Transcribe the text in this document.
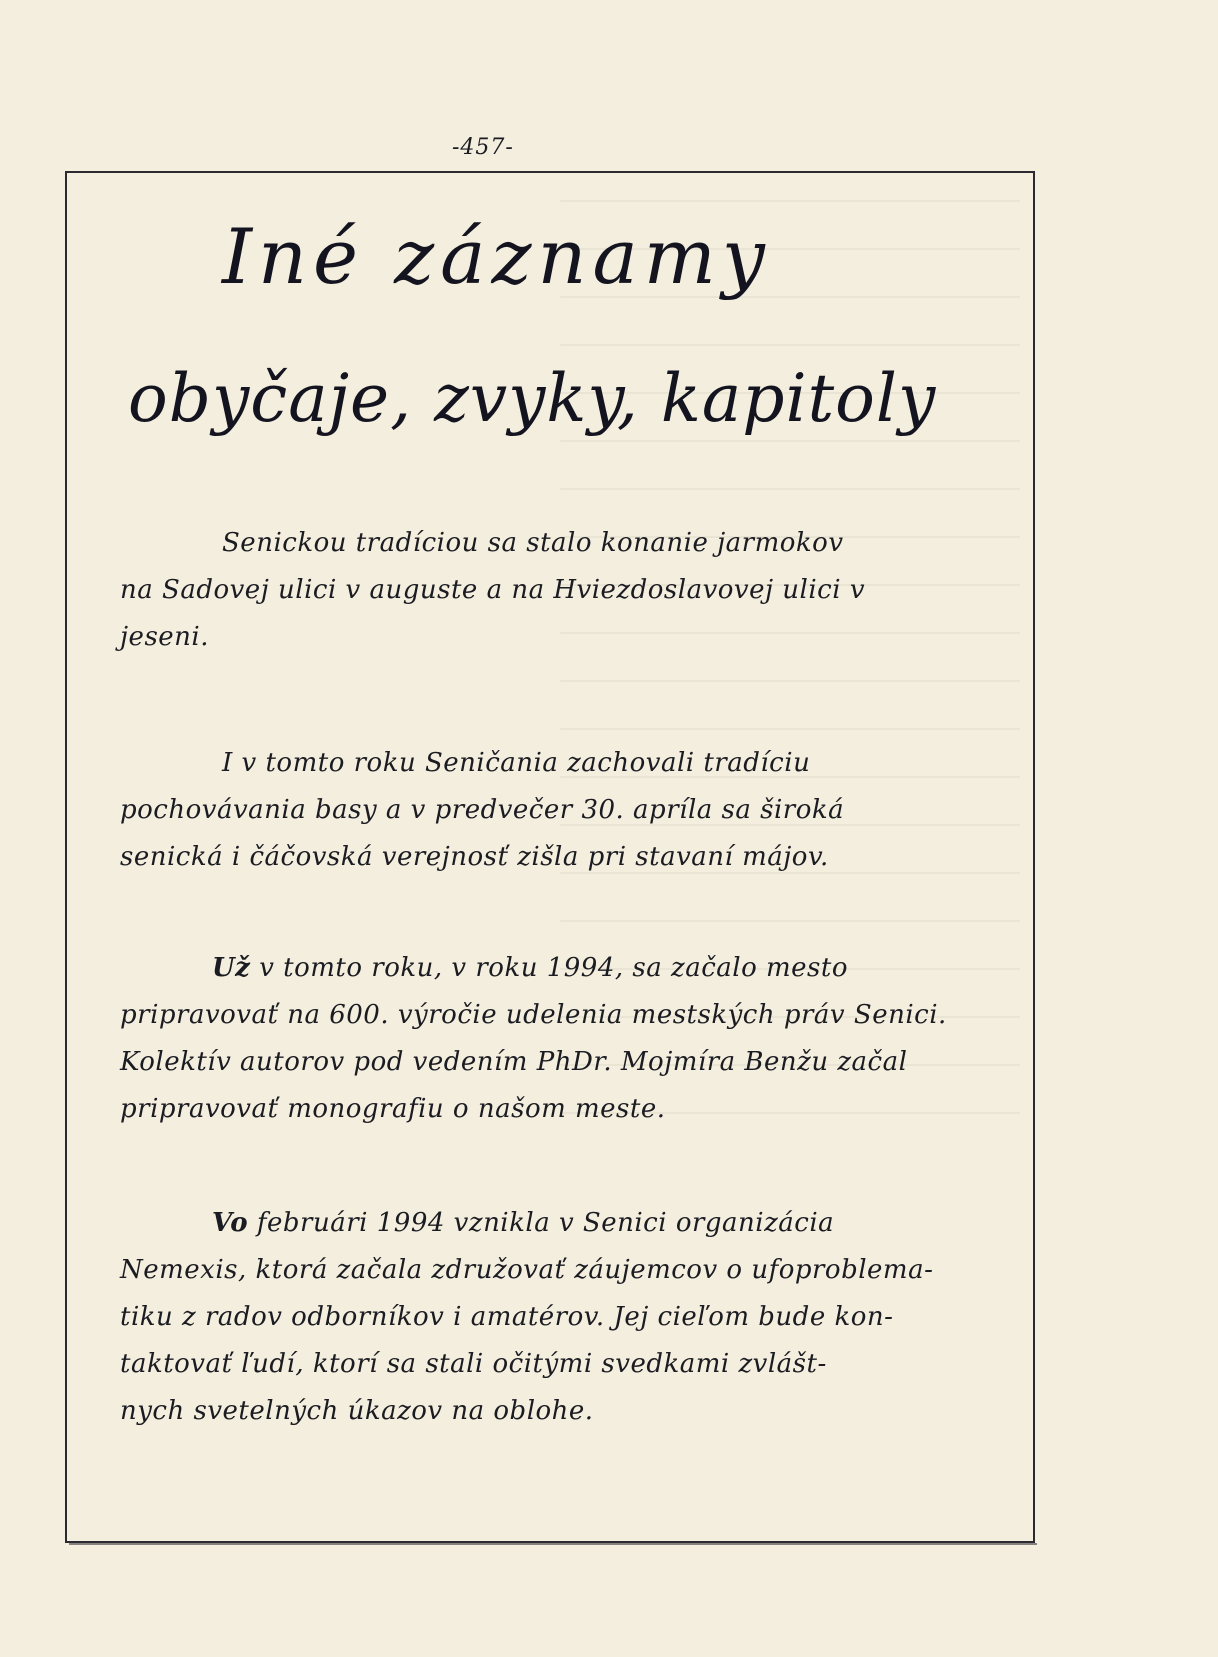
-457-
Iné záznamy
obyčaje, zvyky, kapitoly
Senickou tradíciou sa stalo konanie jarmokov
na Sadovej ulici v auguste a na Hviezdoslavovej ulici v
jeseni.
I v tomto roku Seničania zachovali tradíciu
pochovávania basy a v predvečer 30. apríla sa široká
senická i čáčovská verejnosť zišla pri stavaní májov.
Už v tomto roku, v roku 1994, sa začalo mesto
pripravovať na 600. výročie udelenia mestských práv Senici.
Kolektív autorov pod vedením PhDr. Mojmíra Benžu začal
pripravovať monografiu o našom meste.
Vo februári 1994 vznikla v Senici organizácia
Nemexis, ktorá začala združovať záujemcov o ufoproblema-
tiku z radov odborníkov i amatérov. Jej cieľom bude kon-
taktovať ľudí, ktorí sa stali očitými svedkami zvlášt-
nych svetelných úkazov na oblohe.
